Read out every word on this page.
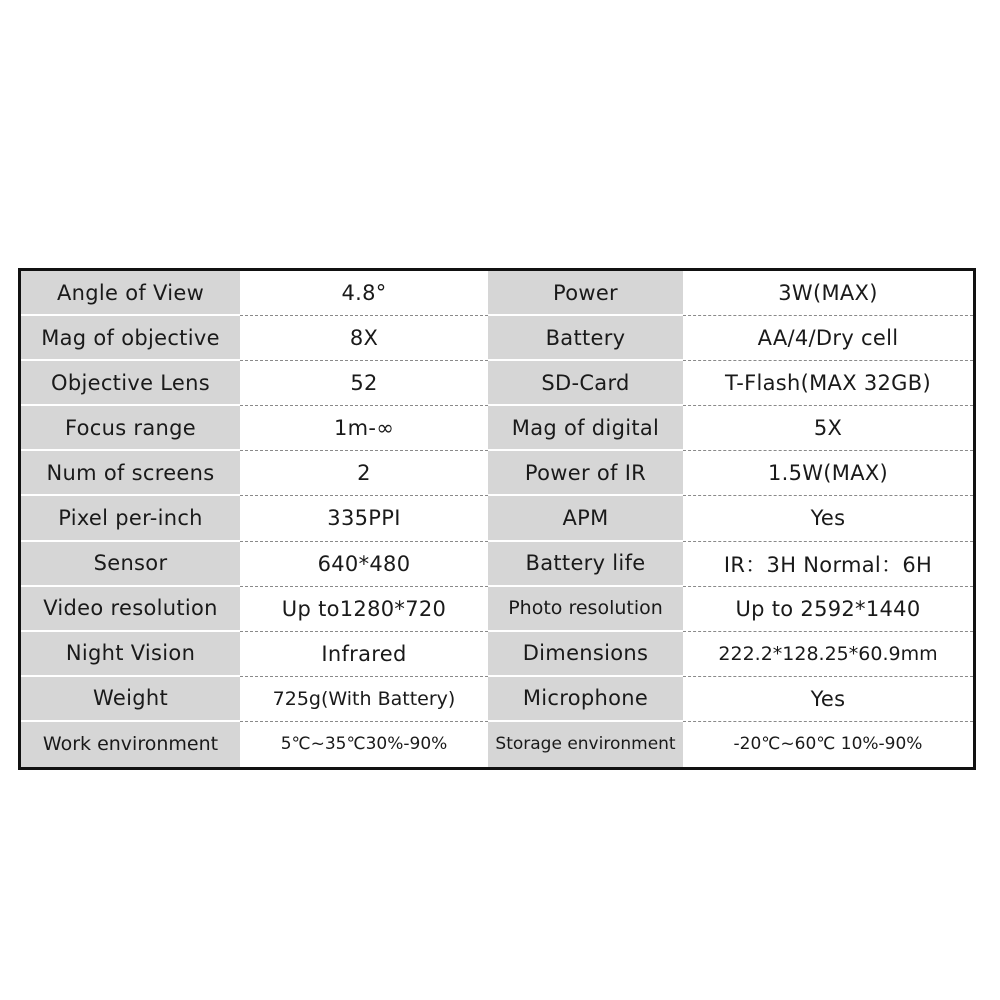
Angle of View	4.8°	Power	3W(MAX)
Mag of objective	8X	Battery	AA/4/Dry cell
Objective Lens	52	SD-Card	T-Flash(MAX 32GB)
Focus range	1m-∞	Mag of digital	5X
Num of screens	2	Power of IR	1.5W(MAX)
Pixel per-inch	335PPI	APM	Yes
Sensor	640*480	Battery life	IR：3H Normal：6H
Video resolution	Up to1280*720	Photo resolution	Up to 2592*1440
Night Vision	Infrared	Dimensions	222.2*128.25*60.9mm
Weight	725g(With Battery)	Microphone	Yes
Work environment	5℃~35℃30%-90%	Storage environment	-20℃~60℃ 10%-90%
